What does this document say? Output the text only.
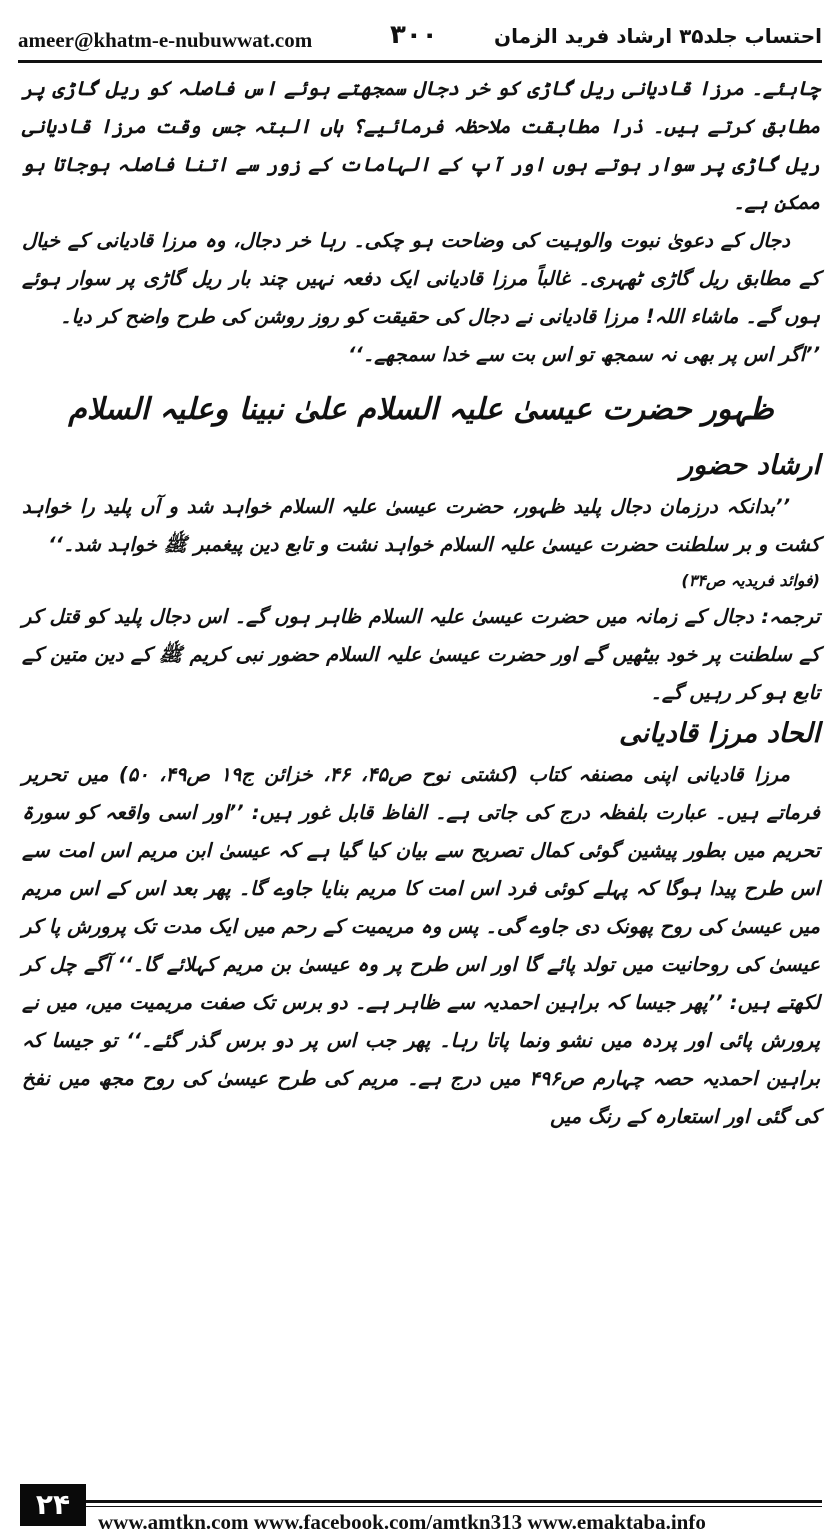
ameer@khatm-e-nubuwwat.com	۳۰۰	احتساب جلد۳۵ ارشاد فرید الزمان

چاہئے۔ مرزا قادیانی ریل گاڑی کو خر دجال سمجھتے ہوئے اس فاصلہ کو ریل گاڑی پر مطابق کرتے ہیں۔ ذرا مطابقت ملاحظہ فرمائیے؟ ہاں البتہ جس وقت مرزا قادیانی ریل گاڑی پر سوار ہوتے ہوں اور آپ کے الہامات کے زور سے اتنا فاصلہ ہوجاتا ہو ممکن ہے۔

دجال کے دعویٰ نبوت والوہیت کی وضاحت ہو چکی۔ رہا خر دجال، وہ مرزا قادیانی کے خیال کے مطابق ریل گاڑی ٹھہری۔ غالباً مرزا قادیانی ایک دفعہ نہیں چند بار ریل گاڑی پر سوار ہوئے ہوں گے۔ ماشاء اللہ! مرزا قادیانی نے دجال کی حقیقت کو روز روشن کی طرح واضح کر دیا۔

’’اگر اس پر بھی نہ سمجھ تو اس بت سے خدا سمجھے۔‘‘

ظہور حضرت عیسیٰ علیہ السلام علیٰ نبینا وعلیہ السلام
ارشاد حضور

’’بدانکہ درزمان دجال پلید ظہور، حضرت عیسیٰ علیہ السلام خواہد شد و آں پلید را خواہد کشت و بر سلطنت حضرت عیسیٰ علیہ السلام خواہد نشت و تابع دین پیغمبر ﷺ خواہد شد۔‘‘

(فوائد فریدیہ ص۳۴)

ترجمہ: دجال کے زمانہ میں حضرت عیسیٰ علیہ السلام ظاہر ہوں گے۔ اس دجال پلید کو قتل کر کے سلطنت پر خود بیٹھیں گے اور حضرت عیسیٰ علیہ السلام حضور نبی کریم ﷺ کے دین متین کے تابع ہو کر رہیں گے۔

الحاد مرزا قادیانی

مرزا قادیانی اپنی مصنفہ کتاب (کشتی نوح ص۴۵، ۴۶، خزائن ج۱۹ ص۴۹، ۵۰) میں تحریر فرماتے ہیں۔ عبارت بلفظہ درج کی جاتی ہے۔ الفاظ قابل غور ہیں: ’’اور اسی واقعہ کو سورۃ تحریم میں بطور پیشین گوئی کمال تصریح سے بیان کیا گیا ہے کہ عیسیٰ ابن مریم اس امت سے اس طرح پیدا ہوگا کہ پہلے کوئی فرد اس امت کا مریم بنایا جاوے گا۔ پھر بعد اس کے اس مریم میں عیسیٰ کی روح پھونک دی جاوے گی۔ پس وہ مریمیت کے رحم میں ایک مدت تک پرورش پا کر عیسیٰ کی روحانیت میں تولد پائے گا اور اس طرح پر وہ عیسیٰ بن مریم کہلائے گا۔‘‘ آگے چل کر لکھتے ہیں: ’’پھر جیسا کہ براہین احمدیہ سے ظاہر ہے۔ دو برس تک صفت مریمیت میں، میں نے پرورش پائی اور پردہ میں نشو ونما پاتا رہا۔ پھر جب اس پر دو برس گذر گئے۔‘‘ تو جیسا کہ براہین احمدیہ حصہ چہارم ص۴۹۶ میں درج ہے۔ مریم کی طرح عیسیٰ کی روح مجھ میں نفخ کی گئی اور استعارہ کے رنگ میں

۲۴
www.amtkn.com www.facebook.com/amtkn313 www.emaktaba.info
